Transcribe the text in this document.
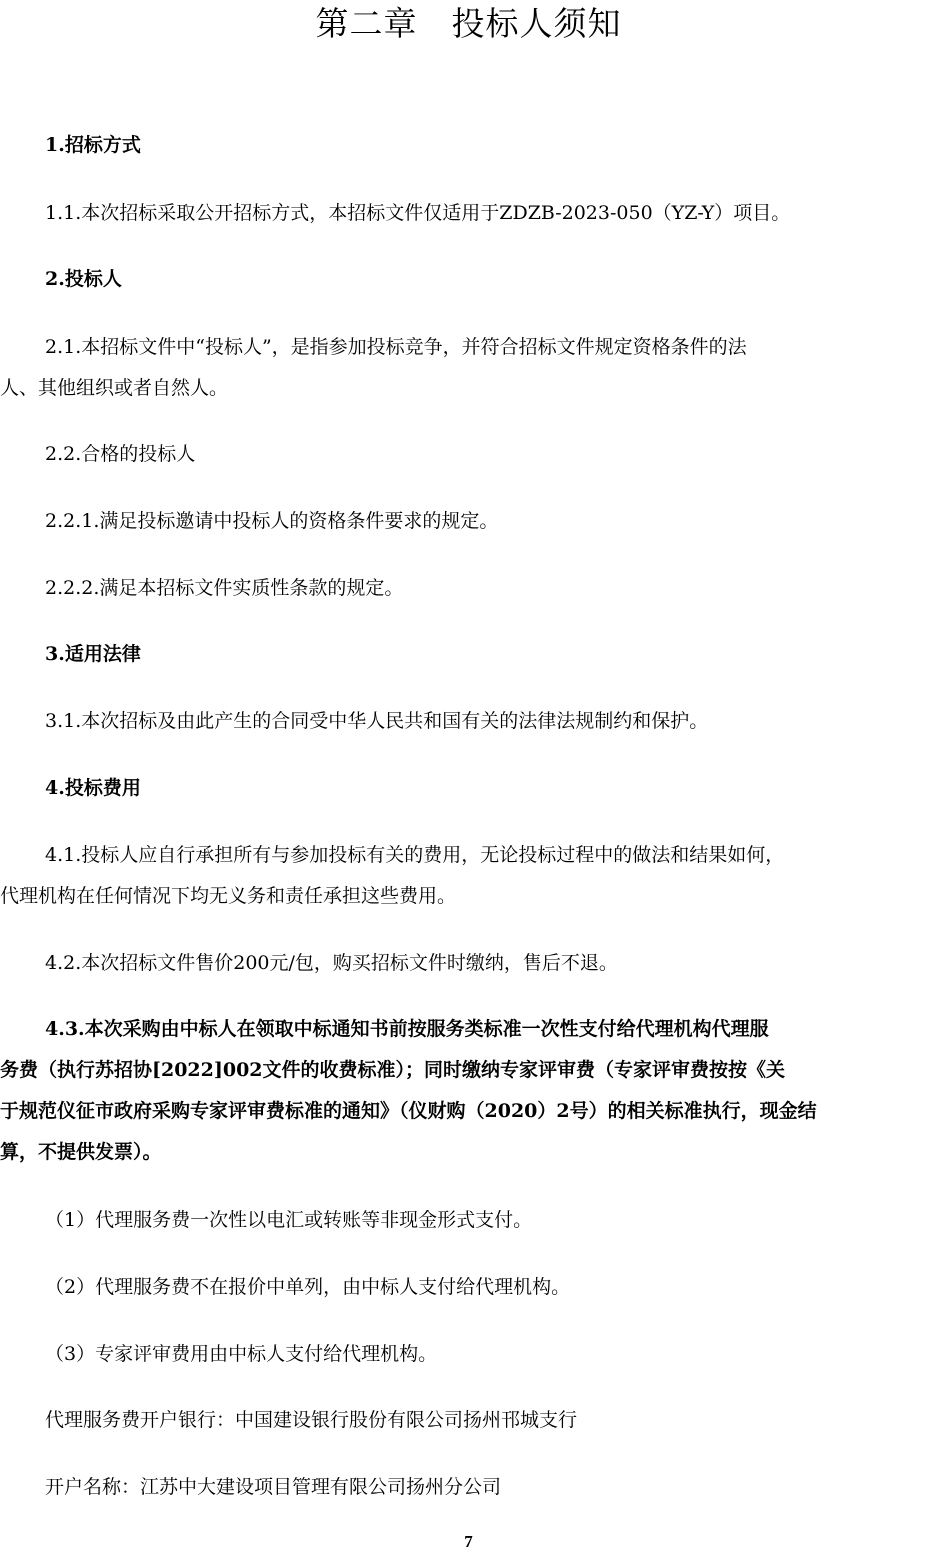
第二章　投标人须知
1.招标方式
1.1.本次招标采取公开招标方式，本招标文件仅适用于ZDZB-2023-050（YZ-Y）项目。
2.投标人
2.1.本招标文件中“投标人”，是指参加投标竞争，并符合招标文件规定资格条件的法
人、其他组织或者自然人。
2.2.合格的投标人
2.2.1.满足投标邀请中投标人的资格条件要求的规定。
2.2.2.满足本招标文件实质性条款的规定。
3.适用法律
3.1.本次招标及由此产生的合同受中华人民共和国有关的法律法规制约和保护。
4.投标费用
4.1.投标人应自行承担所有与参加投标有关的费用，无论投标过程中的做法和结果如何，
代理机构在任何情况下均无义务和责任承担这些费用。
4.2.本次招标文件售价200元/包，购买招标文件时缴纳，售后不退。
4.3.本次采购由中标人在领取中标通知书前按服务类标准一次性支付给代理机构代理服
务费（执行苏招协[2022]002文件的收费标准）；同时缴纳专家评审费（专家评审费按按《关
于规范仪征市政府采购专家评审费标准的通知》（仪财购（2020）2号）的相关标准执行，现金结
算，不提供发票）。
（1）代理服务费一次性以电汇或转账等非现金形式支付。
（2）代理服务费不在报价中单列，由中标人支付给代理机构。
（3）专家评审费用由中标人支付给代理机构。
代理服务费开户银行：中国建设银行股份有限公司扬州邗城支行
开户名称：江苏中大建设项目管理有限公司扬州分公司
7
